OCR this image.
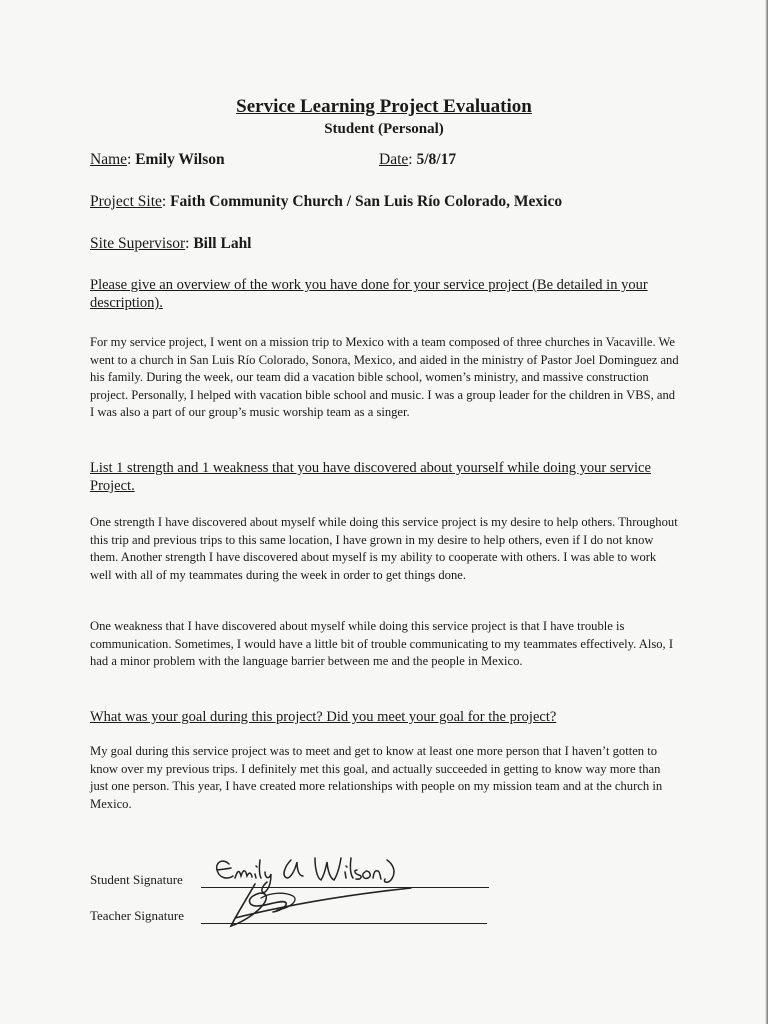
Service Learning Project Evaluation
Student (Personal)
Name: Emily Wilson	Date: 5/8/17
Project Site: Faith Community Church / San Luis Río Colorado, Mexico
Site Supervisor: Bill Lahl
Please give an overview of the work you have done for your service project (Be detailed in your description).
For my service project, I went on a mission trip to Mexico with a team composed of three churches in Vacaville. We went to a church in San Luis Río Colorado, Sonora, Mexico, and aided in the ministry of Pastor Joel Dominguez and his family. During the week, our team did a vacation bible school, women’s ministry, and massive construction project. Personally, I helped with vacation bible school and music. I was a group leader for the children in VBS, and I was also a part of our group’s music worship team as a singer.
List 1 strength and 1 weakness that you have discovered about yourself while doing your service Project.
One strength I have discovered about myself while doing this service project is my desire to help others. Throughout this trip and previous trips to this same location, I have grown in my desire to help others, even if I do not know them. Another strength I have discovered about myself is my ability to cooperate with others. I was able to work well with all of my teammates during the week in order to get things done.
One weakness that I have discovered about myself while doing this service project is that I have trouble is communication. Sometimes, I would have a little bit of trouble communicating to my teammates effectively. Also, I had a minor problem with the language barrier between me and the people in Mexico.
What was your goal during this project? Did you meet your goal for the project?
My goal during this service project was to meet and get to know at least one more person that I haven’t gotten to know over my previous trips. I definitely met this goal, and actually succeeded in getting to know way more than just one person. This year, I have created more relationships with people on my mission team and at the church in Mexico.
Student Signature
Teacher Signature
